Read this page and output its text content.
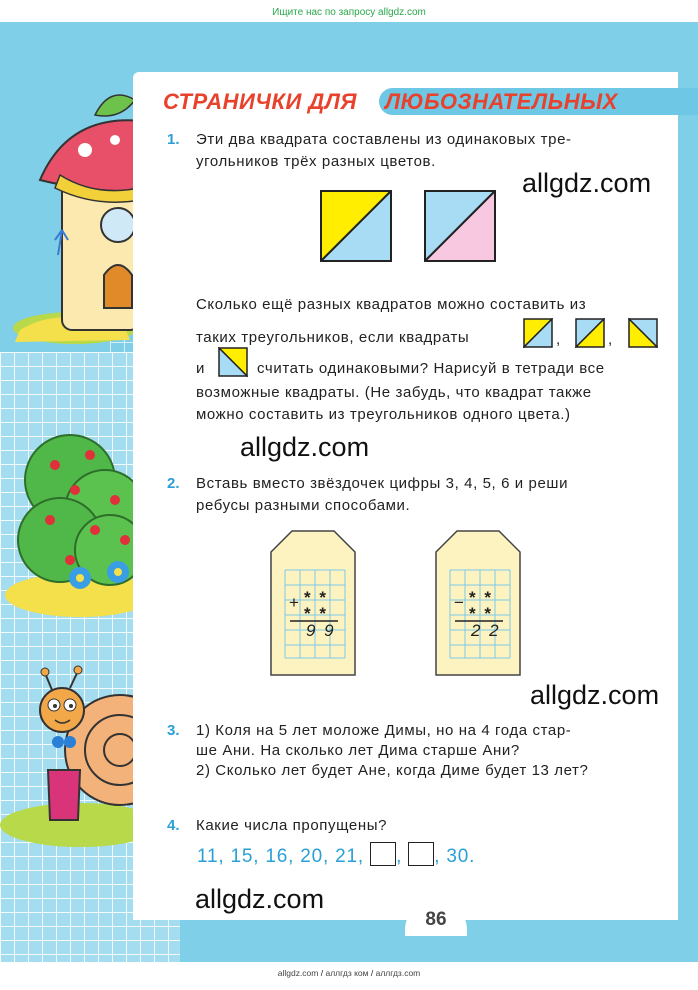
Ищите нас по запросу allgdz.com
СТРАНИЧКИ ДЛЯ ЛЮБОЗНАТЕЛЬНЫХ
1. Эти два квадрата составлены из одинаковых тре-
угольников трёх разных цветов.
allgdz.com
Сколько ещё разных квадратов можно составить из
таких треугольников, если квадраты	,	,
и	считать одинаковыми? Нарисуй в тетради все
возможные квадраты. (Не забудь, что квадрат также
можно составить из треугольников одного цвета.)
allgdz.com
2. Вставь вместо звёздочек цифры 3, 4, 5, 6 и реши
ребусы разными способами.
+ * *
* *
9 9
− * *
* *
2 2
allgdz.com
3. 1) Коля на 5 лет моложе Димы, но на 4 года стар-
ше Ани. На сколько лет Дима старше Ани?
2) Сколько лет будет Ане, когда Диме будет 13 лет?
4. Какие числа пропущены?
11, 15, 16, 20, 21, , , 30.
allgdz.com
86
allgdz.com / аллгдз ком / аллгдз.com
